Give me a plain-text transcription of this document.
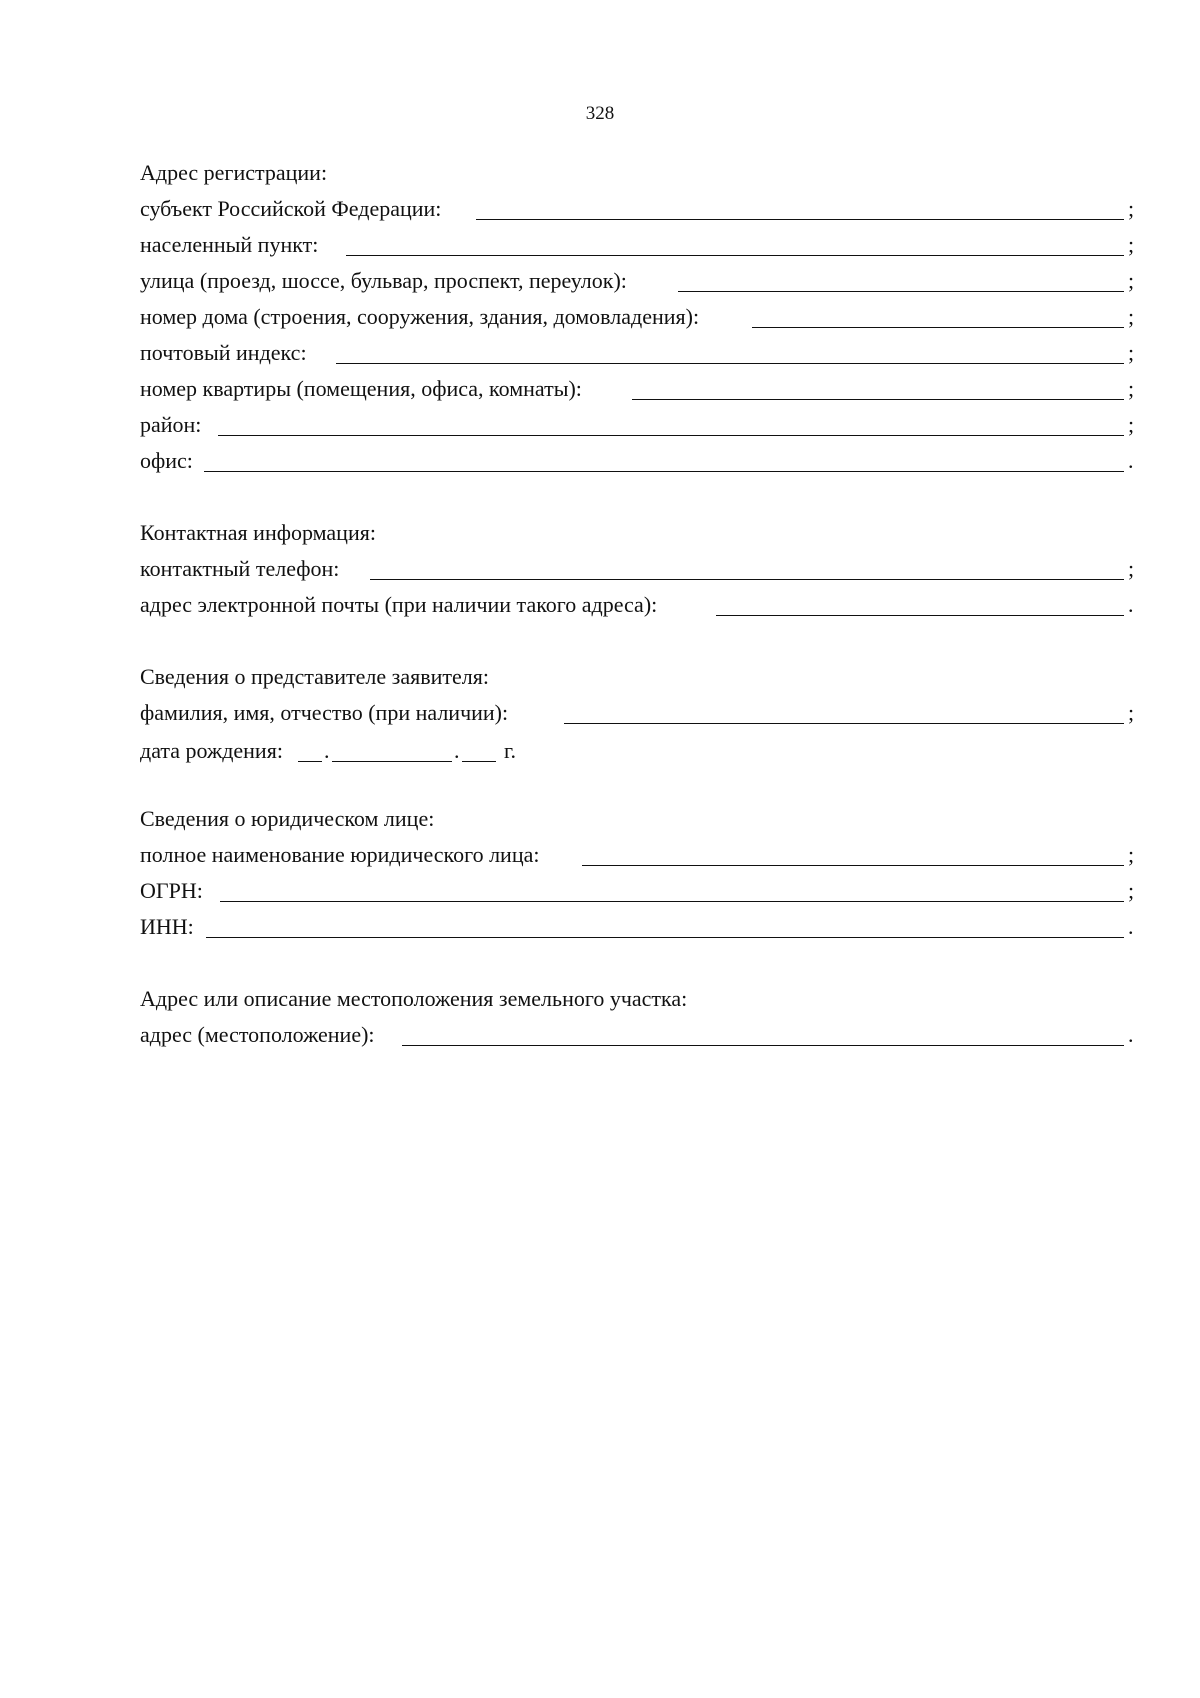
328
Адрес регистрации:
субъект Российской Федерации:	;
населенный пункт:	;
улица (проезд, шоссе, бульвар, проспект, переулок):	;
номер дома (строения, сооружения, здания, домовладения):	;
почтовый индекс:	;
номер квартиры (помещения, офиса, комнаты):	;
район:	;
офис:	.
Контактная информация:
контактный телефон:	;
адрес электронной почты (при наличии такого адреса):	.
Сведения о представителе заявителя:
фамилия, имя, отчество (при наличии):	;
дата рождения: .	. г.
Сведения о юридическом лице:
полное наименование юридического лица:	;
ОГРН:	;
ИНН:	.
Адрес или описание местоположения земельного участка:
адрес (местоположение):	.
